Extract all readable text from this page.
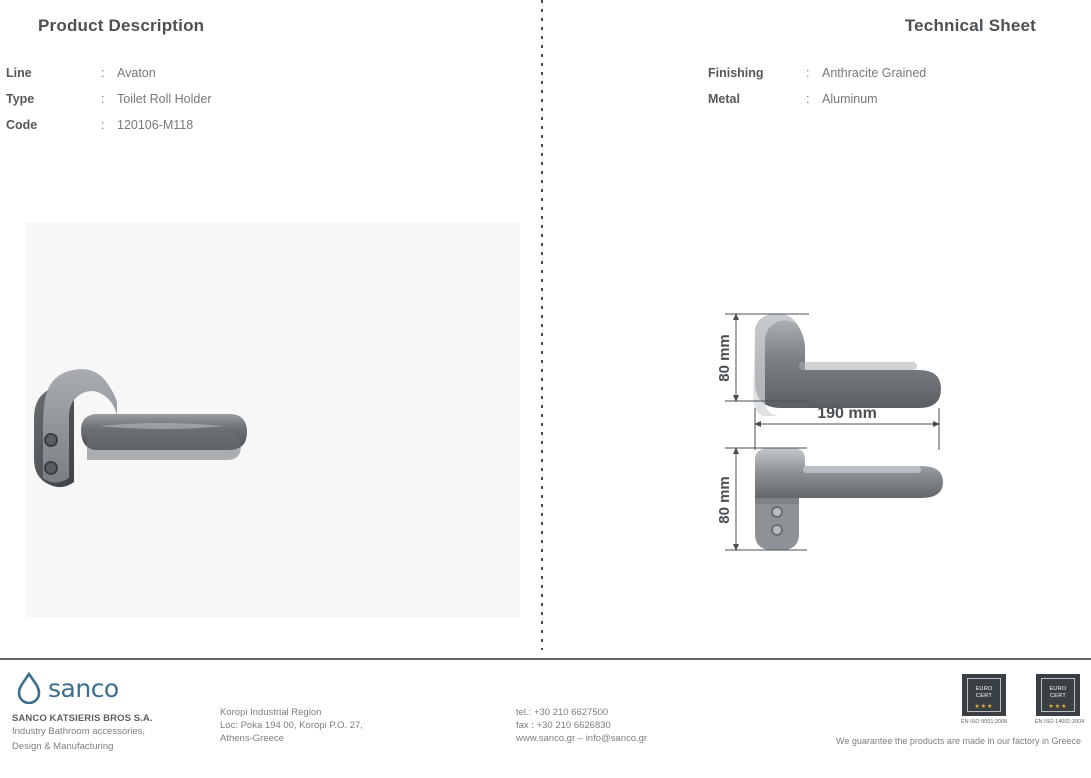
Product Description
Line	:	Avaton
Type	:	Toilet Roll Holder
Code	:	120106-M118
Technical Sheet
Finishing	:	Anthracite Grained
Metal	:	Aluminum
80 mm
190 mm
80 mm
sanco
SANCO KATSIERIS BROS S.A.
Industry Bathroom accessories,
Design & Manufacturing
Koropi Industrial Region
Loc: Poka 194 00, Koropi P.O. 27,
Athens-Greece
tel.: +30 210 6627500
fax : +30 210 6626830
www.sanco.gr – info@sanco.gr
EURO
CERT
★★★
EN ISO 9001:2008
EURO
CERT
★★★
EN ISO 14001:2004
We guarantee the products are made in our factory in Greece
